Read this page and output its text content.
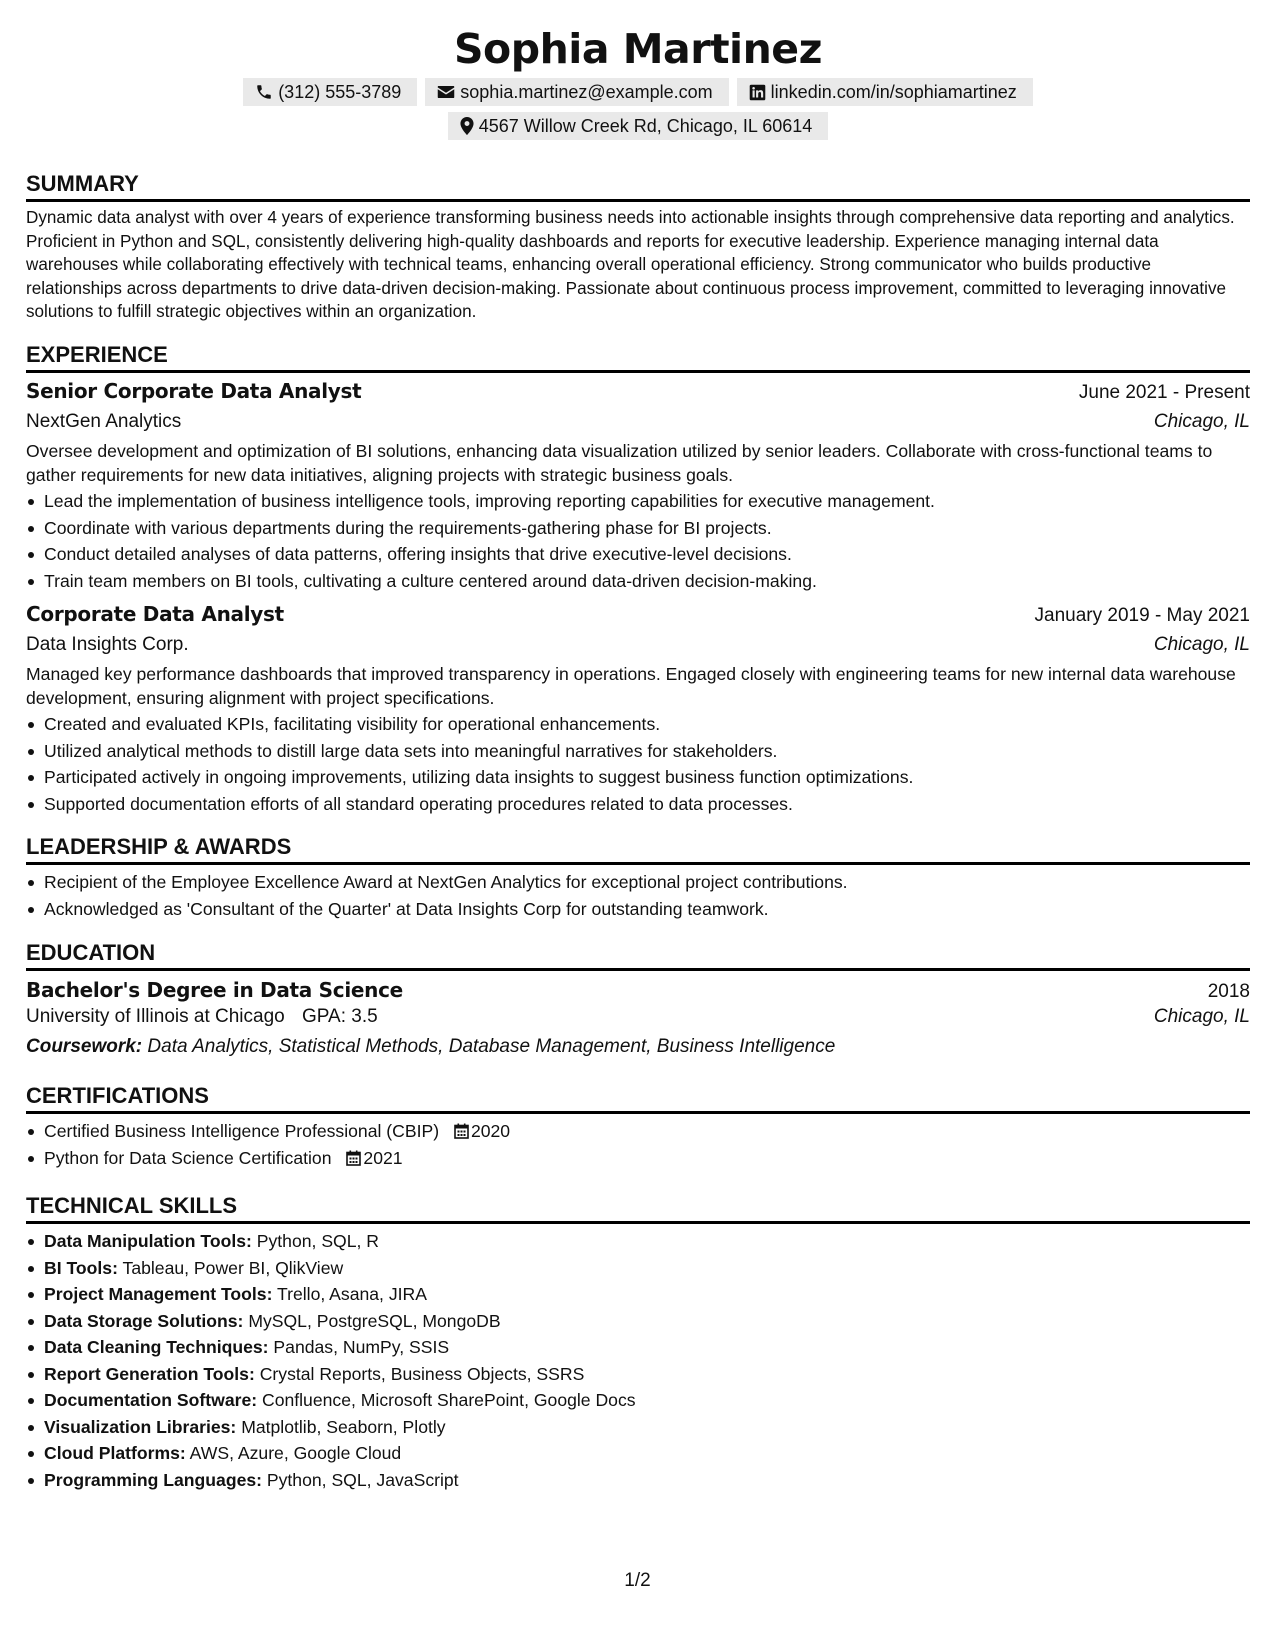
Sophia Martinez
(312) 555-3789	sophia.martinez@example.com	linkedin.com/in/sophiamartinez
4567 Willow Creek Rd, Chicago, IL 60614
SUMMARY

Dynamic data analyst with over 4 years of experience transforming business needs into actionable insights through comprehensive data reporting and analytics. Proficient in Python and SQL, consistently delivering high-quality dashboards and reports for executive leadership. Experience managing internal data warehouses while collaborating effectively with technical teams, enhancing overall operational efficiency. Strong communicator who builds productive relationships across departments to drive data-driven decision-making. Passionate about continuous process improvement, committed to leveraging innovative solutions to fulfill strategic objectives within an organization.

EXPERIENCE
Senior Corporate Data Analyst	June 2021 - Present
NextGen Analytics	Chicago, IL

Oversee development and optimization of BI solutions, enhancing data visualization utilized by senior leaders. Collaborate with cross-functional teams to gather requirements for new data initiatives, aligning projects with strategic business goals.

Lead the implementation of business intelligence tools, improving reporting capabilities for executive management.
Coordinate with various departments during the requirements-gathering phase for BI projects.
Conduct detailed analyses of data patterns, offering insights that drive executive-level decisions.
Train team members on BI tools, cultivating a culture centered around data-driven decision-making.
Corporate Data Analyst	January 2019 - May 2021
Data Insights Corp.	Chicago, IL

Managed key performance dashboards that improved transparency in operations. Engaged closely with engineering teams for new internal data warehouse development, ensuring alignment with project specifications.

Created and evaluated KPIs, facilitating visibility for operational enhancements.
Utilized analytical methods to distill large data sets into meaningful narratives for stakeholders.
Participated actively in ongoing improvements, utilizing data insights to suggest business function optimizations.
Supported documentation efforts of all standard operating procedures related to data processes.
LEADERSHIP & AWARDS
Recipient of the Employee Excellence Award at NextGen Analytics for exceptional project contributions.
Acknowledged as 'Consultant of the Quarter' at Data Insights Corp for outstanding teamwork.
EDUCATION
Bachelor's Degree in Data Science	2018
University of Illinois at Chicago GPA: 3.5	Chicago, IL
Coursework: Data Analytics, Statistical Methods, Database Management, Business Intelligence
CERTIFICATIONS
Certified Business Intelligence Professional (CBIP) 2020
Python for Data Science Certification 2021
TECHNICAL SKILLS
Data Manipulation Tools: Python, SQL, R
BI Tools: Tableau, Power BI, QlikView
Project Management Tools: Trello, Asana, JIRA
Data Storage Solutions: MySQL, PostgreSQL, MongoDB
Data Cleaning Techniques: Pandas, NumPy, SSIS
Report Generation Tools: Crystal Reports, Business Objects, SSRS
Documentation Software: Confluence, Microsoft SharePoint, Google Docs
Visualization Libraries: Matplotlib, Seaborn, Plotly
Cloud Platforms: AWS, Azure, Google Cloud
Programming Languages: Python, SQL, JavaScript
1/2
